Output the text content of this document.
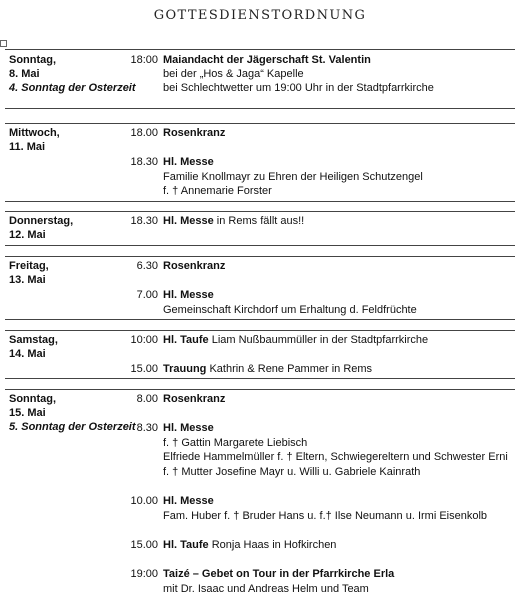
gottesdienstordnung
Sonntag,
8. Mai
4. Sonntag der Osterzeit
18:00 Maiandacht der Jägerschaft St. Valentin
bei der „Hos & Jaga“ Kapelle
bei Schlechtwetter um 19:00 Uhr in der Stadtpfarrkirche
Mittwoch,
11. Mai
18.00 Rosenkranz
18.30 Hl. Messe
Familie Knollmayr zu Ehren der Heiligen Schutzengel
f. † Annemarie Forster
Donnerstag,
12. Mai
18.30 Hl. Messe in Rems fällt aus!!
Freitag,
13. Mai
6.30 Rosenkranz
7.00 Hl. Messe
Gemeinschaft Kirchdorf um Erhaltung d. Feldfrüchte
Samstag,
14. Mai
10:00 Hl. Taufe Liam Nußbaummüller in der Stadtpfarrkirche
15.00 Trauung Kathrin & Rene Pammer in Rems
Sonntag,
15. Mai
5. Sonntag der Osterzeit
8.00 Rosenkranz
8.30 Hl. Messe
f. † Gattin Margarete Liebisch
Elfriede Hammelmüller f. † Eltern, Schwiegereltern und Schwester Erni
f. † Mutter Josefine Mayr u. Willi u. Gabriele Kainrath
10.00 Hl. Messe
Fam. Huber f. † Bruder Hans u. f.† Ilse Neumann u. Irmi Eisenkolb
15.00 Hl. Taufe Ronja Haas in Hofkirchen
19:00 Taizé – Gebet on Tour in der Pfarrkirche Erla
mit Dr. Isaac und Andreas Helm und Team
